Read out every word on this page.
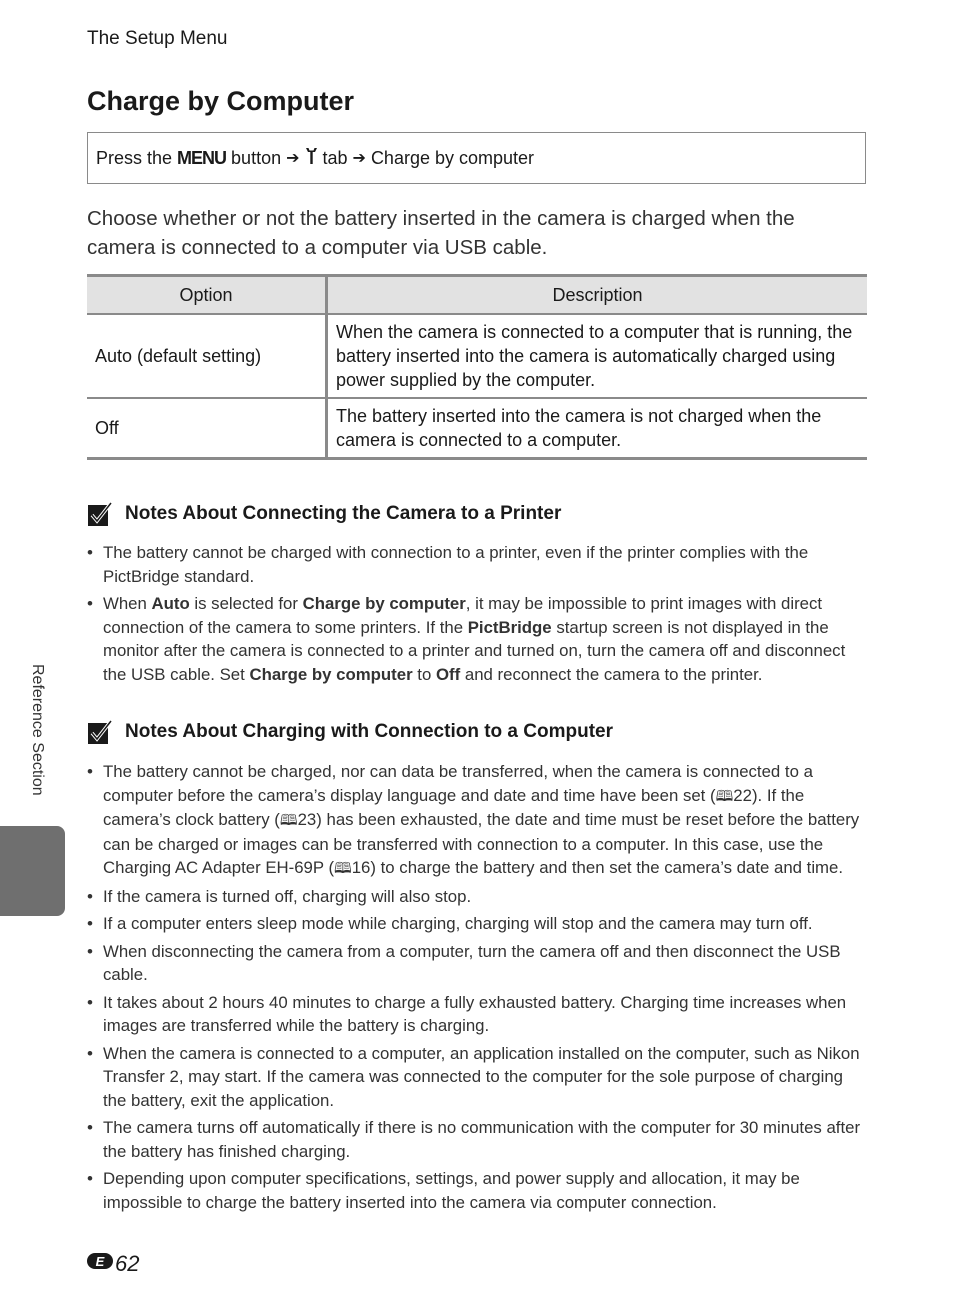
The Setup Menu
Charge by Computer
Press the MENU button ➔ tab ➔ Charge by computer
Choose whether or not the battery inserted in the camera is charged when the camera is connected to a computer via USB cable.
Option	Description
Auto (default setting)	When the camera is connected to a computer that is running, the battery inserted into the camera is automatically charged using power supplied by the computer.
Off	The battery inserted into the camera is not charged when the camera is connected to a computer.
Notes About Connecting the Camera to a Printer
• The battery cannot be charged with connection to a printer, even if the printer complies with the PictBridge standard.
• When Auto is selected for Charge by computer, it may be impossible to print images with direct connection of the camera to some printers. If the PictBridge startup screen is not displayed in the monitor after the camera is connected to a printer and turned on, turn the camera off and disconnect the USB cable. Set Charge by computer to Off and reconnect the camera to the printer.
Notes About Charging with Connection to a Computer
• The battery cannot be charged, nor can data be transferred, when the camera is connected to a computer before the camera’s display language and date and time have been set (🕮22). If the camera’s clock battery (🕮23) has been exhausted, the date and time must be reset before the battery can be charged or images can be transferred with connection to a computer. In this case, use the Charging AC Adapter EH-69P (🕮16) to charge the battery and then set the camera’s date and time.
• If the camera is turned off, charging will also stop.
• If a computer enters sleep mode while charging, charging will stop and the camera may turn off.
• When disconnecting the camera from a computer, turn the camera off and then disconnect the USB cable.
• It takes about 2 hours 40 minutes to charge a fully exhausted battery. Charging time increases when images are transferred while the battery is charging.
• When the camera is connected to a computer, an application installed on the computer, such as Nikon Transfer 2, may start. If the camera was connected to the computer for the sole purpose of charging the battery, exit the application.
• The camera turns off automatically if there is no communication with the computer for 30 minutes after the battery has finished charging.
• Depending upon computer specifications, settings, and power supply and allocation, it may be impossible to charge the battery inserted into the camera via computer connection.
Reference Section
E 62
